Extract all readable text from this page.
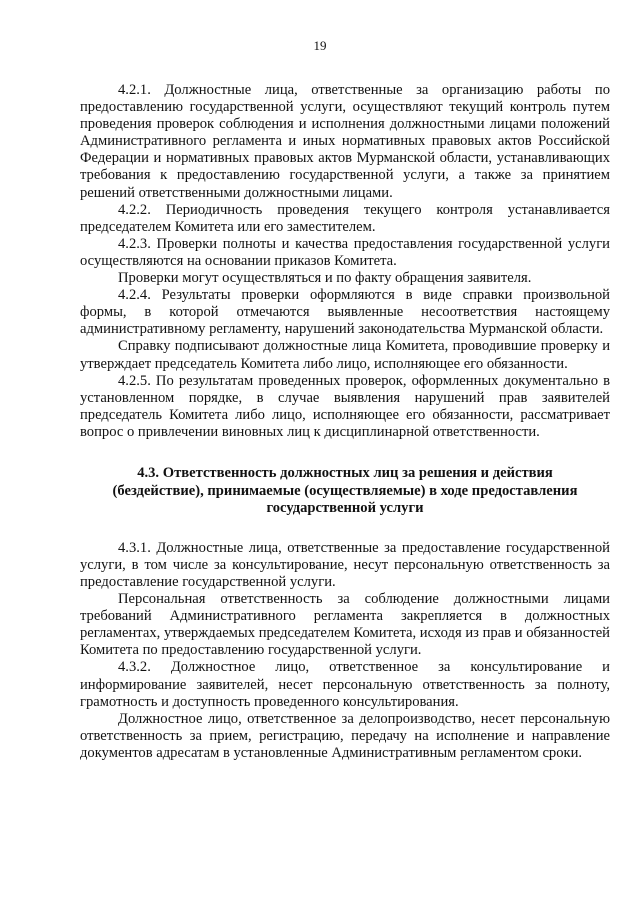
19

4.2.1. Должностные лица, ответственные за организацию работы по предоставлению государственной услуги, осуществляют текущий контроль путем проведения проверок соблюдения и исполнения должностными лицами положений Административного регламента и иных нормативных правовых актов Российской Федерации и нормативных правовых актов Мурманской области, устанавливающих требования к предоставлению государственной услуги, а также за принятием решений ответственными должностными лицами.

4.2.2. Периодичность проведения текущего контроля устанавливается председателем Комитета или его заместителем.

4.2.3. Проверки полноты и качества предоставления государственной услуги осуществляются на основании приказов Комитета.

Проверки могут осуществляться и по факту обращения заявителя.

4.2.4. Результаты проверки оформляются в виде справки произвольной формы, в которой отмечаются выявленные несоответствия настоящему административному регламенту, нарушений законодательства Мурманской области.

Справку подписывают должностные лица Комитета, проводившие проверку и утверждает председатель Комитета либо лицо, исполняющее его обязанности.

4.2.5. По результатам проведенных проверок, оформленных документально в установленном порядке, в случае выявления нарушений прав заявителей председатель Комитета либо лицо, исполняющее его обязанности, рассматривает вопрос о привлечении виновных лиц к дисциплинарной ответственности.

4.3. Ответственность должностных лиц за решения и действия (бездействие), принимаемые (осуществляемые) в ходе предоставления государственной услуги

4.3.1. Должностные лица, ответственные за предоставление государственной услуги, в том числе за консультирование, несут персональную ответственность за предоставление государственной услуги.

Персональная ответственность за соблюдение должностными лицами требований Административного регламента закрепляется в должностных регламентах, утверждаемых председателем Комитета, исходя из прав и обязанностей Комитета по предоставлению государственной услуги.

4.3.2. Должностное лицо, ответственное за консультирование и информирование заявителей, несет персональную ответственность за полноту, грамотность и доступность проведенного консультирования.

Должностное лицо, ответственное за делопроизводство, несет персональную ответственность за прием, регистрацию, передачу на исполнение и направление документов адресатам в установленные Административным регламентом сроки.
